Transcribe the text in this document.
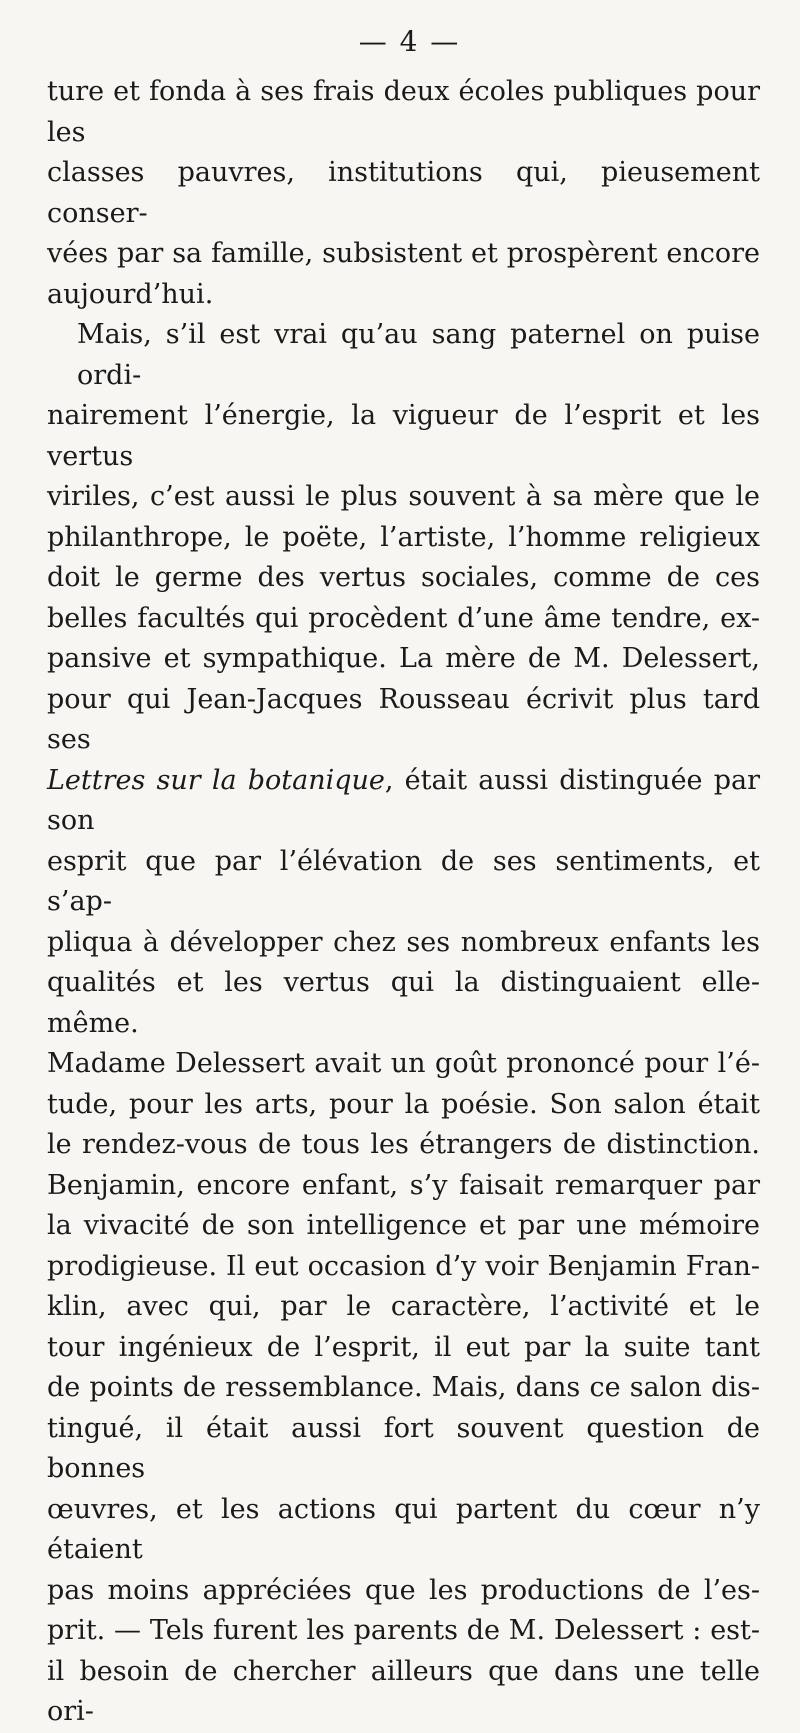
— 4 —
ture et fonda à ses frais deux écoles publiques pour les
classes pauvres, institutions qui, pieusement conser-
vées par sa famille, subsistent et prospèrent encore
aujourd’hui.
Mais, s’il est vrai qu’au sang paternel on puise ordi-
nairement l’énergie, la vigueur de l’esprit et les vertus
viriles, c’est aussi le plus souvent à sa mère que le
philanthrope, le poëte, l’artiste, l’homme religieux
doit le germe des vertus sociales, comme de ces
belles facultés qui procèdent d’une âme tendre, ex-
pansive et sympathique. La mère de M. Delessert,
pour qui Jean-Jacques Rousseau écrivit plus tard ses
Lettres sur la botanique, était aussi distinguée par son
esprit que par l’élévation de ses sentiments, et s’ap-
pliqua à développer chez ses nombreux enfants les
qualités et les vertus qui la distinguaient elle-même.
Madame Delessert avait un goût prononcé pour l’é-
tude, pour les arts, pour la poésie. Son salon était
le rendez-vous de tous les étrangers de distinction.
Benjamin, encore enfant, s’y faisait remarquer par
la vivacité de son intelligence et par une mémoire
prodigieuse. Il eut occasion d’y voir Benjamin Fran-
klin, avec qui, par le caractère, l’activité et le
tour ingénieux de l’esprit, il eut par la suite tant
de points de ressemblance. Mais, dans ce salon dis-
tingué, il était aussi fort souvent question de bonnes
œuvres, et les actions qui partent du cœur n’y étaient
pas moins appréciées que les productions de l’es-
prit. — Tels furent les parents de M. Delessert : est-
il besoin de chercher ailleurs que dans une telle ori-
